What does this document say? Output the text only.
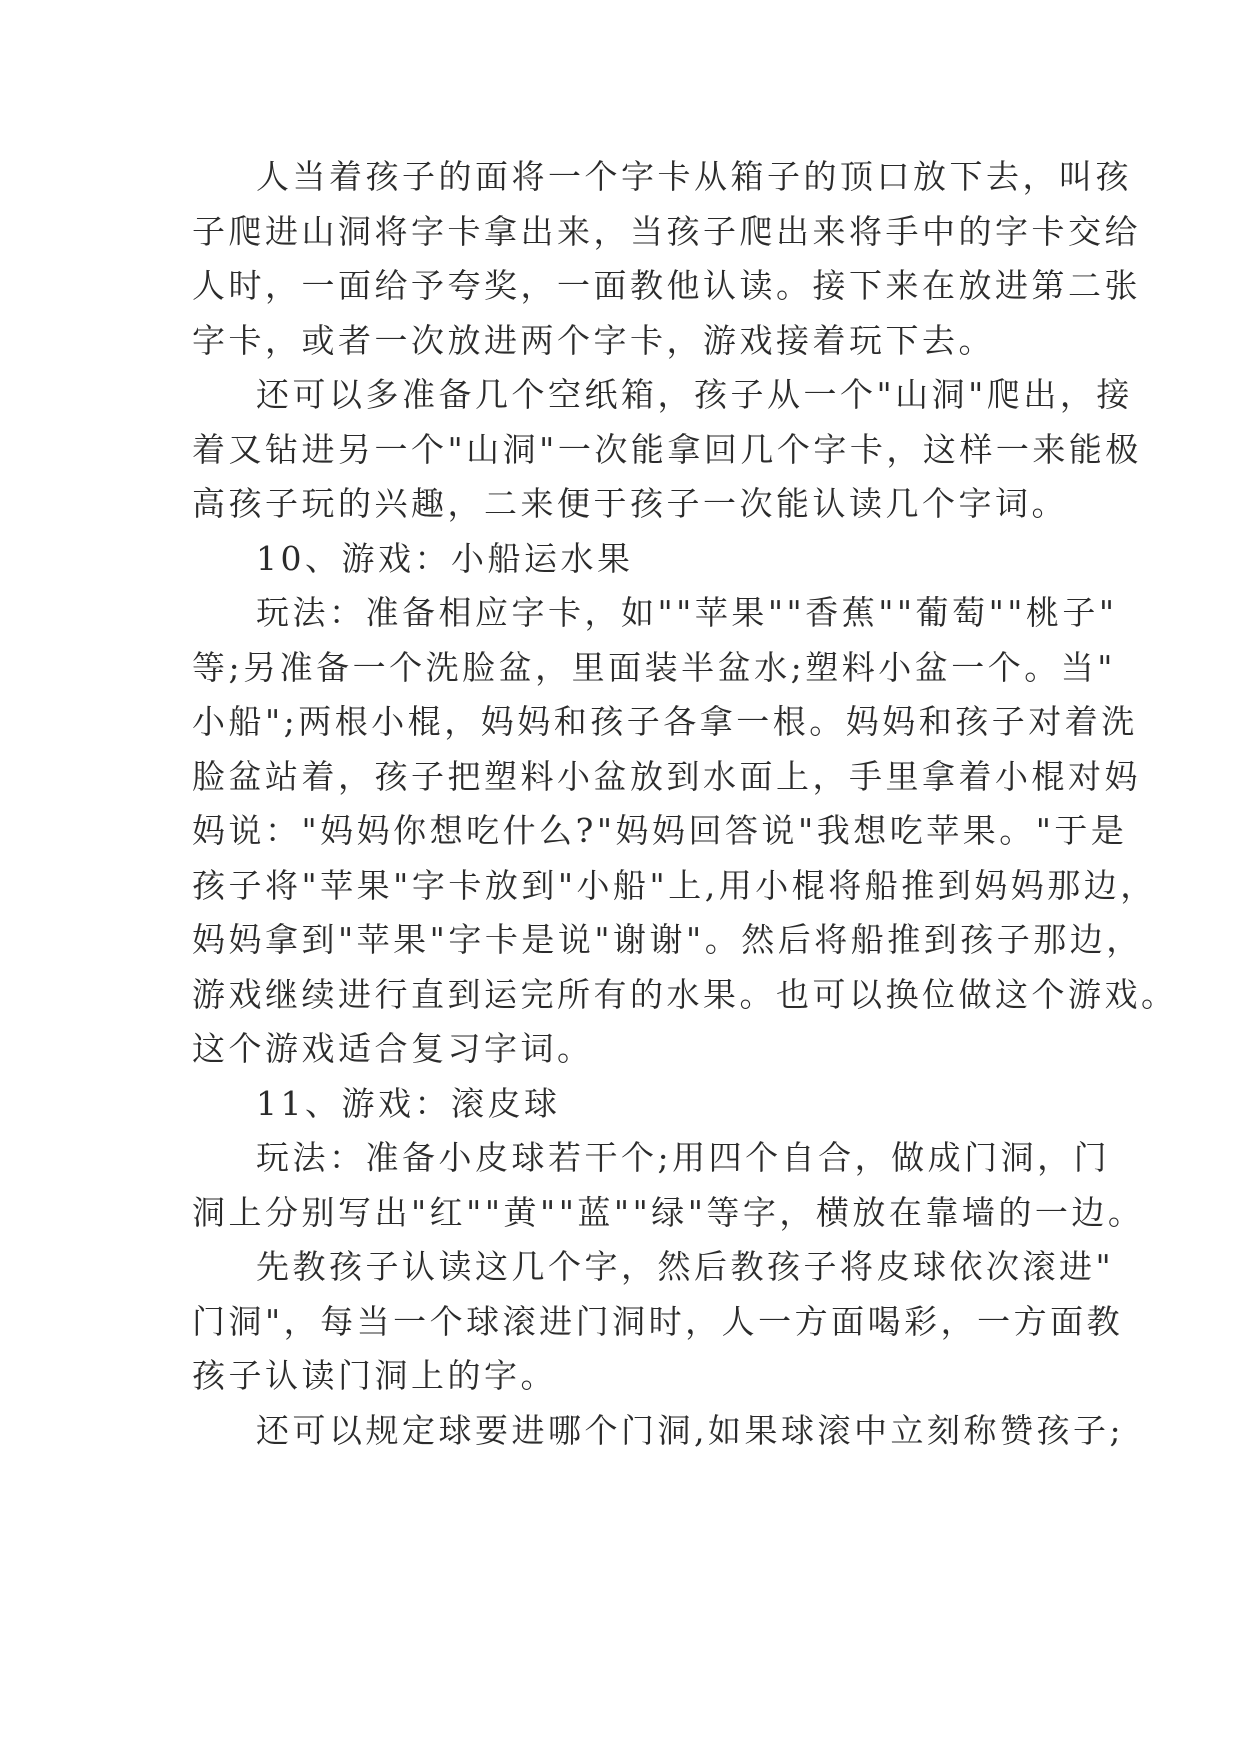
人当着孩子的面将一个字卡从箱子的顶口放下去，叫孩
子爬进山洞将字卡拿出来，当孩子爬出来将手中的字卡交给
人时，一面给予夸奖，一面教他认读。接下来在放进第二张
字卡，或者一次放进两个字卡，游戏接着玩下去。
还可以多准备几个空纸箱，孩子从一个"山洞"爬出，接
着又钻进另一个"山洞"一次能拿回几个字卡，这样一来能极
高孩子玩的兴趣，二来便于孩子一次能认读几个字词。
10、游戏：小船运水果
玩法：准备相应字卡，如""苹果""香蕉""葡萄""桃子"
等;另准备一个洗脸盆，里面装半盆水;塑料小盆一个。当"
小船";两根小棍，妈妈和孩子各拿一根。妈妈和孩子对着洗
脸盆站着，孩子把塑料小盆放到水面上，手里拿着小棍对妈
妈说："妈妈你想吃什么?"妈妈回答说"我想吃苹果。"于是
孩子将"苹果"字卡放到"小船"上,用小棍将船推到妈妈那边，
妈妈拿到"苹果"字卡是说"谢谢"。然后将船推到孩子那边，
游戏继续进行直到运完所有的水果。也可以换位做这个游戏。
这个游戏适合复习字词。
11、游戏：滚皮球
玩法：准备小皮球若干个;用四个自合，做成门洞，门
洞上分别写出"红""黄""蓝""绿"等字，横放在靠墙的一边。
先教孩子认读这几个字，然后教孩子将皮球依次滚进"
门洞"，每当一个球滚进门洞时，人一方面喝彩，一方面教
孩子认读门洞上的字。
还可以规定球要进哪个门洞,如果球滚中立刻称赞孩子;
